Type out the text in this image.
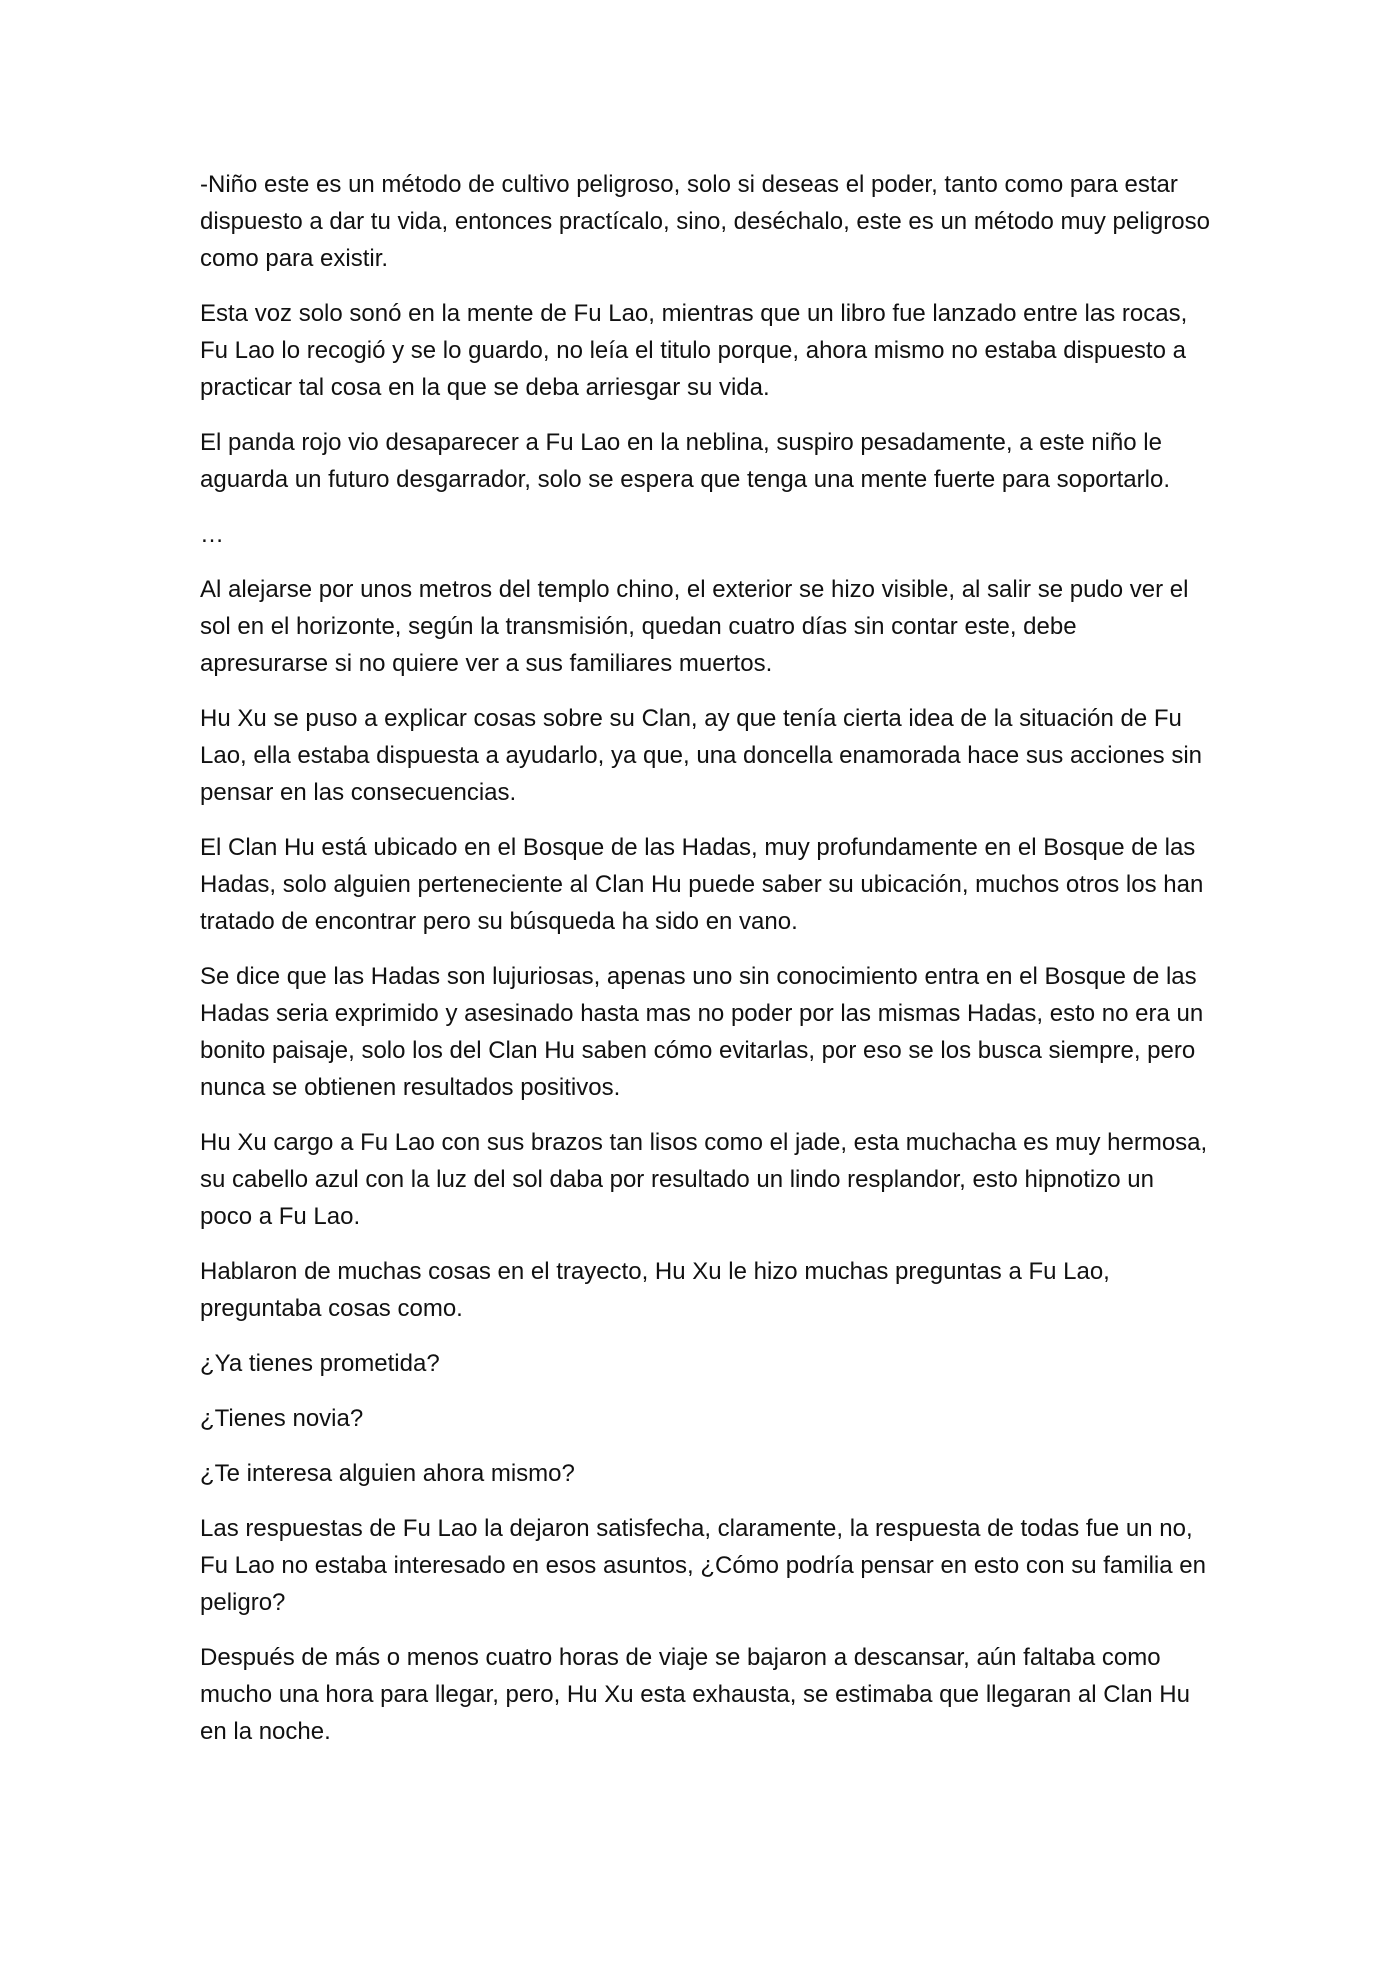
-Niño este es un método de cultivo peligroso, solo si deseas el poder, tanto como para estar dispuesto a dar tu vida, entonces practícalo, sino, deséchalo, este es un método muy peligroso como para existir.

Esta voz solo sonó en la mente de Fu Lao, mientras que un libro fue lanzado entre las rocas, Fu Lao lo recogió y se lo guardo, no leía el titulo porque, ahora mismo no estaba dispuesto a practicar tal cosa en la que se deba arriesgar su vida.

El panda rojo vio desaparecer a Fu Lao en la neblina, suspiro pesadamente, a este niño le aguarda un futuro desgarrador, solo se espera que tenga una mente fuerte para soportarlo.

…

Al alejarse por unos metros del templo chino, el exterior se hizo visible, al salir se pudo ver el sol en el horizonte, según la transmisión, quedan cuatro días sin contar este, debe apresurarse si no quiere ver a sus familiares muertos.

Hu Xu se puso a explicar cosas sobre su Clan, ay que tenía cierta idea de la situación de Fu Lao, ella estaba dispuesta a ayudarlo, ya que, una doncella enamorada hace sus acciones sin pensar en las consecuencias.

El Clan Hu está ubicado en el Bosque de las Hadas, muy profundamente en el Bosque de las Hadas, solo alguien perteneciente al Clan Hu puede saber su ubicación, muchos otros los han tratado de encontrar pero su búsqueda ha sido en vano.

Se dice que las Hadas son lujuriosas, apenas uno sin conocimiento entra en el Bosque de las Hadas seria exprimido y asesinado hasta mas no poder por las mismas Hadas, esto no era un bonito paisaje, solo los del Clan Hu saben cómo evitarlas, por eso se los busca siempre, pero nunca se obtienen resultados positivos.

Hu Xu cargo a Fu Lao con sus brazos tan lisos como el jade, esta muchacha es muy hermosa, su cabello azul con la luz del sol daba por resultado un lindo resplandor, esto hipnotizo un poco a Fu Lao.

Hablaron de muchas cosas en el trayecto, Hu Xu le hizo muchas preguntas a Fu Lao, preguntaba cosas como.

¿Ya tienes prometida?

¿Tienes novia?

¿Te interesa alguien ahora mismo?

Las respuestas de Fu Lao la dejaron satisfecha, claramente, la respuesta de todas fue un no, Fu Lao no estaba interesado en esos asuntos, ¿Cómo podría pensar en esto con su familia en peligro?

Después de más o menos cuatro horas de viaje se bajaron a descansar, aún faltaba como mucho una hora para llegar, pero, Hu Xu esta exhausta, se estimaba que llegaran al Clan Hu en la noche.
